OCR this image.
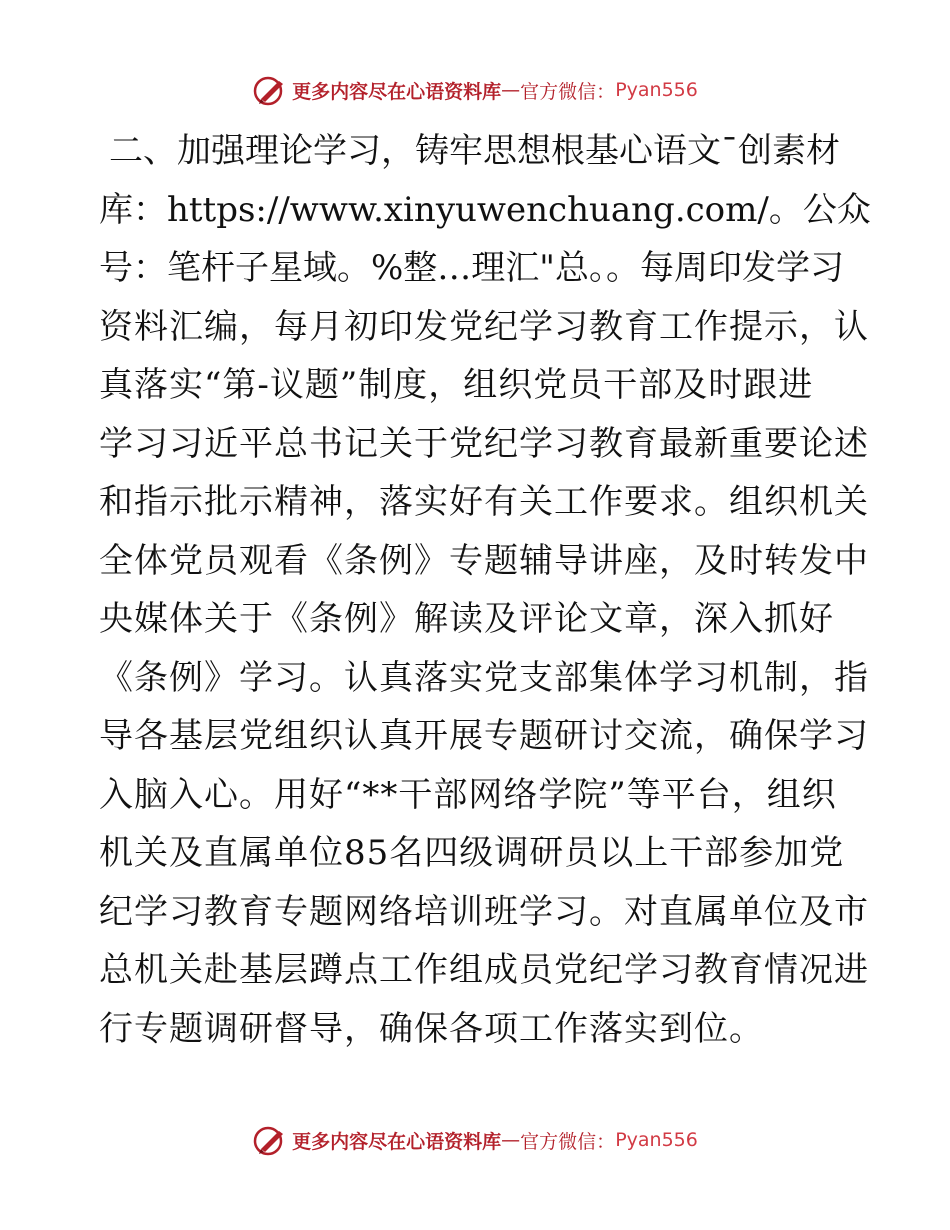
更多内容尽在心语资料库 — 官方微信： Pyan556
二、加强理论学习，铸牢思想根基心语文¯创素材
库：https://www.xinyuwenchuang.com/。公众
号：笔杆子星域。%整…理汇"总。。每周印发学习
资料汇编，每月初印发党纪学习教育工作提示，认
真落实“第-议题”制度，组织党员干部及时跟进
学习习近平总书记关于党纪学习教育最新重要论述
和指示批示精神，落实好有关工作要求。组织机关
全体党员观看《条例》专题辅导讲座，及时转发中
央媒体关于《条例》解读及评论文章，深入抓好
《条例》学习。认真落实党支部集体学习机制，指
导各基层党组织认真开展专题研讨交流，确保学习
入脑入心。用好“**干部网络学院”等平台，组织
机关及直属单位85名四级调研员以上干部参加党
纪学习教育专题网络培训班学习。对直属单位及市
总机关赴基层蹲点工作组成员党纪学习教育情况进
行专题调研督导，确保各项工作落实到位。
更多内容尽在心语资料库 — 官方微信： Pyan556
